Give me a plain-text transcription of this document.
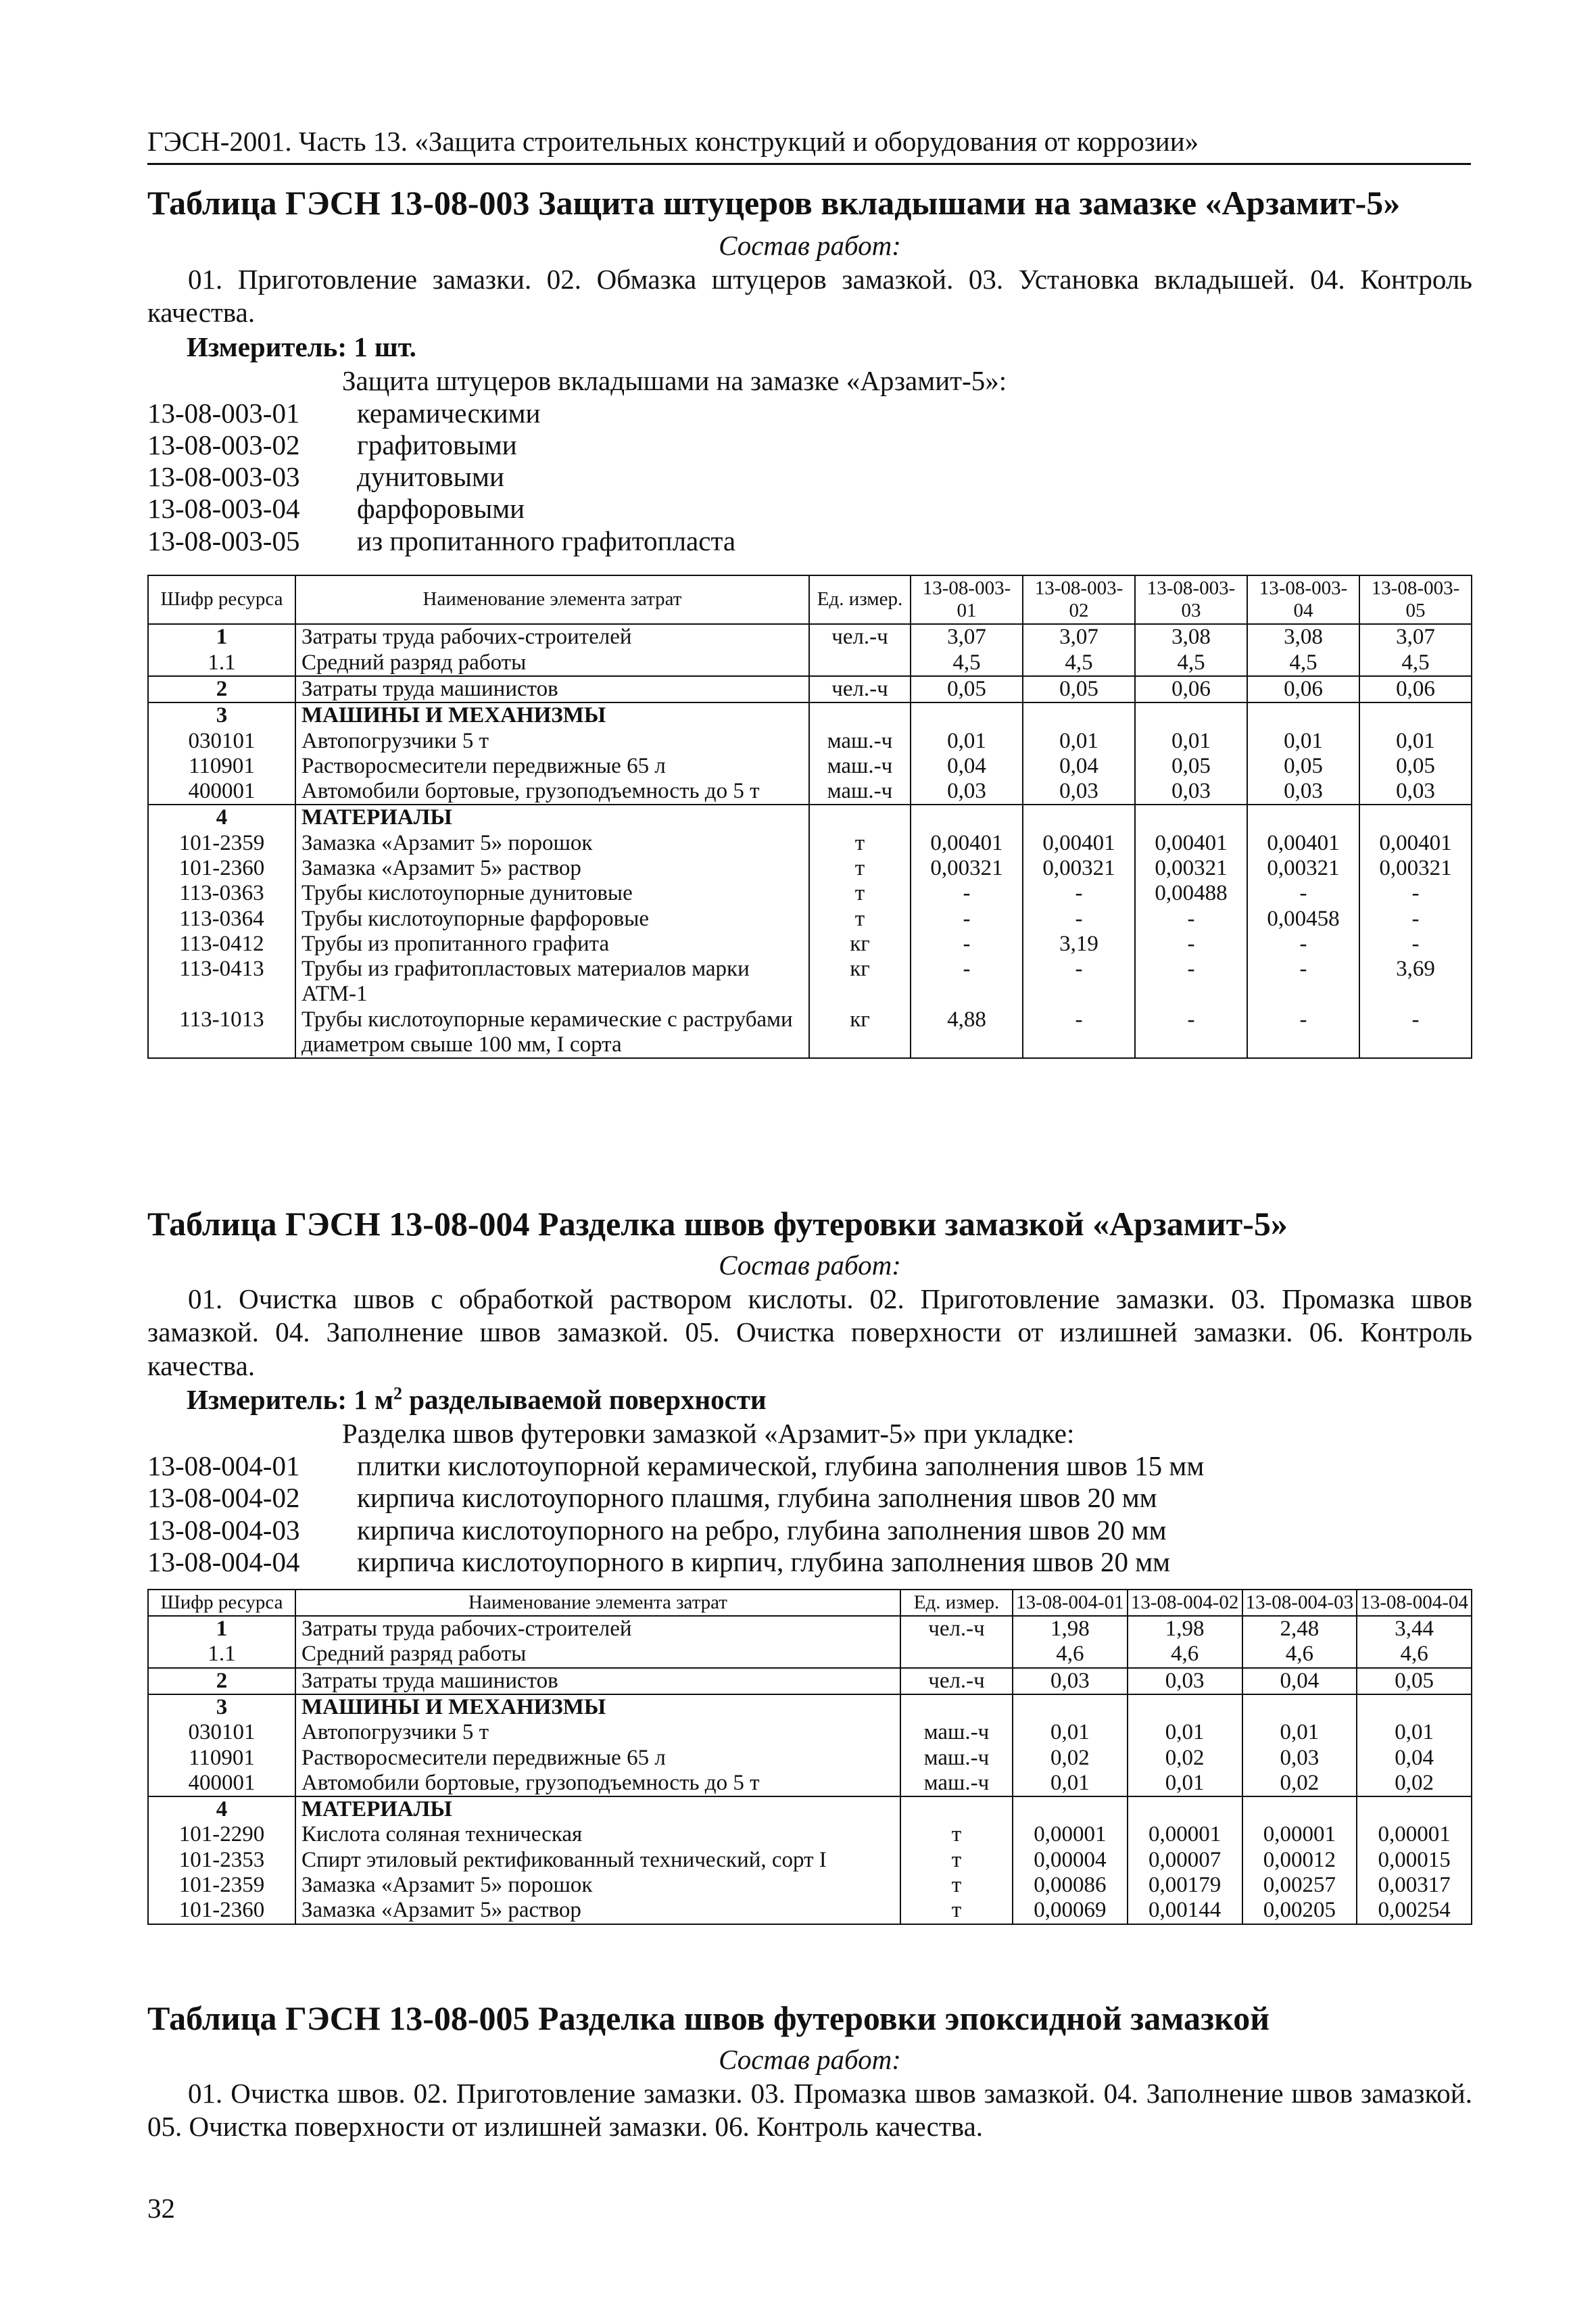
ГЭСН-2001. Часть 13. «Защита строительных конструкций и оборудования от коррозии»
Таблица ГЭСН 13-08-003 Защита штуцеров вкладышами на замазке «Арзамит-5»
Состав работ:

01. Приготовление замазки. 02. Обмазка штуцеров замазкой. 03. Установка вкладышей. 04. Контроль качества.

Измеритель: 1 шт.
Защита штуцеров вкладышами на замазке «Арзамит-5»:
13-08-003-01	керамическими
13-08-003-02	графитовыми
13-08-003-03	дунитовыми
13-08-003-04	фарфоровыми
13-08-003-05	из пропитанного графитопласта
Шифр ресурса	Наименование элемента затрат	Ед. измер.	13-08-003-01	13-08-003-02	13-08-003-03	13-08-003-04	13-08-003-05
1	Затраты труда рабочих-строителей	чел.-ч	3,07	3,07	3,08	3,08	3,07
1.1	Средний разряд работы		4,5	4,5	4,5	4,5	4,5
2	Затраты труда машинистов	чел.-ч	0,05	0,05	0,06	0,06	0,06
3	МАШИНЫ И МЕХАНИЗМЫ						
030101	Автопогрузчики 5 т	маш.-ч	0,01	0,01	0,01	0,01	0,01
110901	Растворосмесители передвижные 65 л	маш.-ч	0,04	0,04	0,05	0,05	0,05
400001	Автомобили бортовые, грузоподъемность до 5 т	маш.-ч	0,03	0,03	0,03	0,03	0,03
4	МАТЕРИАЛЫ						
101-2359	Замазка «Арзамит 5» порошок	т	0,00401	0,00401	0,00401	0,00401	0,00401
101-2360	Замазка «Арзамит 5» раствор	т	0,00321	0,00321	0,00321	0,00321	0,00321
113-0363	Трубы кислотоупорные дунитовые	т	-	-	0,00488	-	-
113-0364	Трубы кислотоупорные фарфоровые	т	-	-	-	0,00458	-
113-0412	Трубы из пропитанного графита	кг	-	3,19	-	-	-
113-0413	Трубы из графитопластовых материалов марки АТМ-1	кг	-	-	-	-	3,69
113-1013	Трубы кислотоупорные керамические с раструбами диаметром свыше 100 мм, I сорта	кг	4,88	-	-	-	-
Таблица ГЭСН 13-08-004 Разделка швов футеровки замазкой «Арзамит-5»
Состав работ:

01. Очистка швов с обработкой раствором кислоты. 02. Приготовление замазки. 03. Промазка швов замазкой. 04. Заполнение швов замазкой. 05. Очистка поверхности от излишней замазки. 06. Контроль качества.

Измеритель: 1 $м^2$ разделываемой поверхности
Разделка швов футеровки замазкой «Арзамит-5» при укладке:
13-08-004-01	плитки кислотоупорной керамической, глубина заполнения швов 15 мм
13-08-004-02	кирпича кислотоупорного плашмя, глубина заполнения швов 20 мм
13-08-004-03	кирпича кислотоупорного на ребро, глубина заполнения швов 20 мм
13-08-004-04	кирпича кислотоупорного в кирпич, глубина заполнения швов 20 мм
Шифр ресурса	Наименование элемента затрат	Ед. измер.	13-08-004-01	13-08-004-02	13-08-004-03	13-08-004-04
1	Затраты труда рабочих-строителей	чел.-ч	1,98	1,98	2,48	3,44
1.1	Средний разряд работы		4,6	4,6	4,6	4,6
2	Затраты труда машинистов	чел.-ч	0,03	0,03	0,04	0,05
3	МАШИНЫ И МЕХАНИЗМЫ					
030101	Автопогрузчики 5 т	маш.-ч	0,01	0,01	0,01	0,01
110901	Растворосмесители передвижные 65 л	маш.-ч	0,02	0,02	0,03	0,04
400001	Автомобили бортовые, грузоподъемность до 5 т	маш.-ч	0,01	0,01	0,02	0,02
4	МАТЕРИАЛЫ					
101-2290	Кислота соляная техническая	т	0,00001	0,00001	0,00001	0,00001
101-2353	Спирт этиловый ректификованный технический, сорт I	т	0,00004	0,00007	0,00012	0,00015
101-2359	Замазка «Арзамит 5» порошок	т	0,00086	0,00179	0,00257	0,00317
101-2360	Замазка «Арзамит 5» раствор	т	0,00069	0,00144	0,00205	0,00254
Таблица ГЭСН 13-08-005 Разделка швов футеровки эпоксидной замазкой
Состав работ:

01. Очистка швов. 02. Приготовление замазки. 03. Промазка швов замазкой. 04. Заполнение швов замазкой. 05. Очистка поверхности от излишней замазки. 06. Контроль качества.

32
